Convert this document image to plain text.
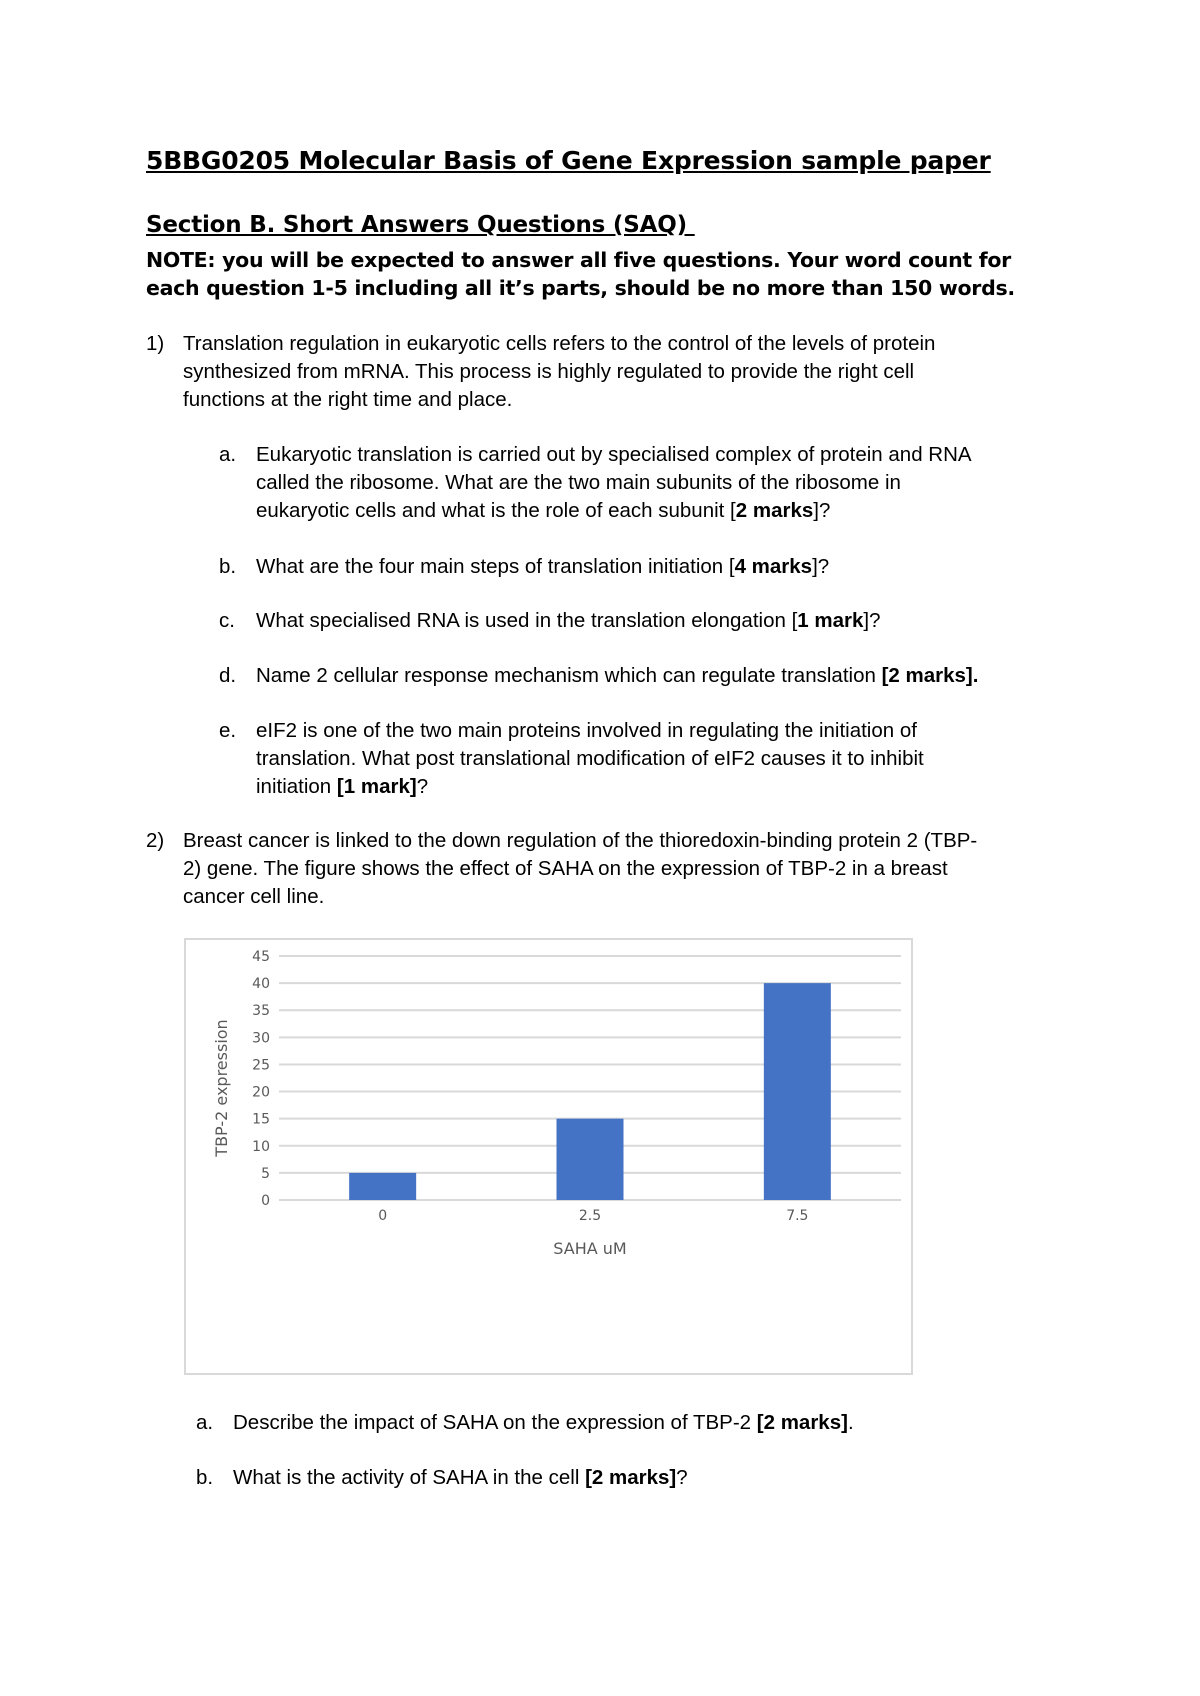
5BBG0205 Molecular Basis of Gene Expression sample paper
Section B. Short Answers Questions (SAQ)

NOTE: you will be expected to answer all five questions. Your word count for each question 1-5 including all it’s parts, should be no more than 150 words.

1) Translation regulation in eukaryotic cells refers to the control of the levels of protein
synthesized from mRNA. This process is highly regulated to provide the right cell
functions at the right time and place.
a. Eukaryotic translation is carried out by specialised complex of protein and RNA
called the ribosome. What are the two main subunits of the ribosome in
eukaryotic cells and what is the role of each subunit [2 marks]?
b. What are the four main steps of translation initiation [4 marks]?
c. What specialised RNA is used in the translation elongation [1 mark]?
d. Name 2 cellular response mechanism which can regulate translation [2 marks].
e. eIF2 is one of the two main proteins involved in regulating the initiation of
translation. What post translational modification of eIF2 causes it to inhibit
initiation [1 mark]?
2) Breast cancer is linked to the down regulation of the thioredoxin-binding protein 2 (TBP-
2) gene. The figure shows the effect of SAHA on the expression of TBP-2 in a breast
cancer cell line.
0
5
10
15
20
25
30
35
40
45
0	2.5	7.5
SAHA uM
TBP-2 expression
a. Describe the impact of SAHA on the expression of TBP-2 [2 marks].
b. What is the activity of SAHA in the cell [2 marks]?
